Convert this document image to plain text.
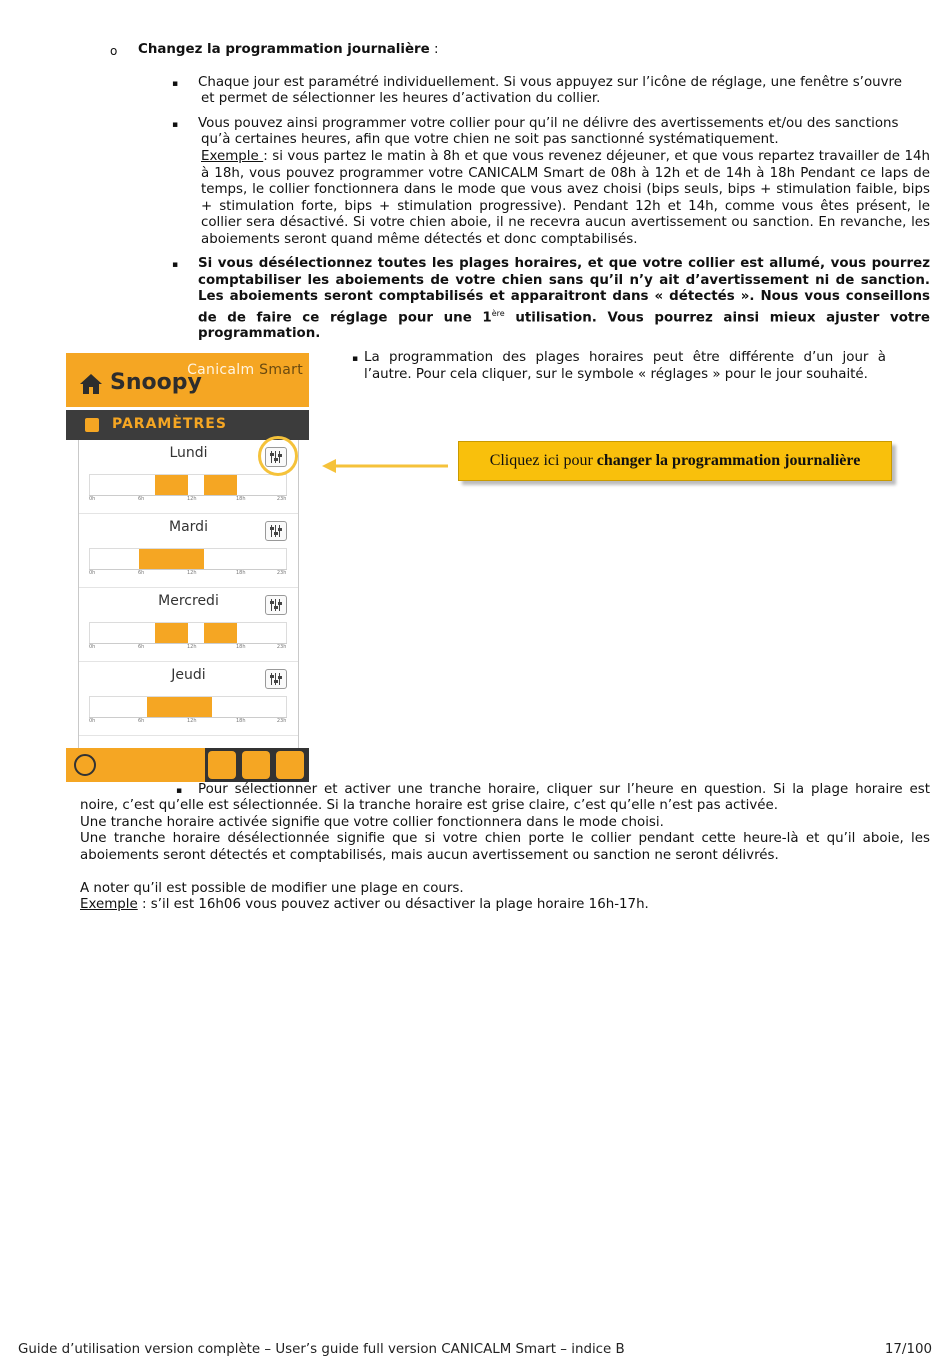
o Changez la programmation journalière :
▪ Chaque jour est paramétré individuellement. Si vous appuyez sur l’icône de réglage, une fenêtre s’ouvre
et permet de sélectionner les heures d’activation du collier.
▪ Vous pouvez ainsi programmer votre collier pour qu’il ne délivre des avertissements et/ou des sanctions
qu’à certaines heures, afin que votre chien ne soit pas sanctionné systématiquement.
Exemple : si vous partez le matin à 8h et que vous revenez déjeuner, et que vous repartez travailler de 14h à 18h, vous pouvez programmer votre CANICALM Smart de 08h à 12h et de 14h à 18h Pendant ce laps de temps, le collier fonctionnera dans le mode que vous avez choisi (bips seuls, bips + stimulation faible, bips + stimulation forte, bips + stimulation progressive). Pendant 12h et 14h, comme vous êtes présent, le collier sera désactivé. Si votre chien aboie, il ne recevra aucun avertissement ou sanction. En revanche, les aboiements seront quand même détectés et donc comptabilisés.
▪ Si vous désélectionnez toutes les plages horaires, et que votre collier est allumé, vous pourrez comptabiliser les aboiements de votre chien sans qu’il n’y ait d’avertissement ni de sanction. Les aboiements seront comptabilisés et apparaitront dans « détectés ». Nous vous conseillons de de faire ce réglage pour une 1ère utilisation. Vous pourrez ainsi mieux ajuster votre programmation.
▪ La programmation des plages horaires peut être différente d’un jour à l’autre. Pour cela cliquer, sur le symbole « réglages » pour le jour souhaité.
Snoopy
Canicalm Smart
PARAMÈTRES
Lundi
0h	6h	12h	18h	23h
Mardi
0h	6h	12h	18h	23h
Mercredi
0h	6h	12h	18h	23h
Jeudi
0h	6h	12h	18h	23h
Cliquez ici pour changer la programmation journalière
▪ Pour sélectionner et activer une tranche horaire, cliquer sur l’heure en question. Si la plage horaire est
noire, c’est qu’elle est sélectionnée. Si la tranche horaire est grise claire, c’est qu’elle n’est pas activée.
Une tranche horaire activée signifie que votre collier fonctionnera dans le mode choisi.
Une tranche horaire désélectionnée signifie que si votre chien porte le collier pendant cette heure-là et qu’il aboie, les aboiements seront détectés et comptabilisés, mais aucun avertissement ou sanction ne seront délivrés.
A noter qu’il est possible de modifier une plage en cours.
Exemple : s’il est 16h06 vous pouvez activer ou désactiver la plage horaire 16h-17h.
Guide d’utilisation version complète – User’s guide full version CANICALM Smart – indice B	17/100
